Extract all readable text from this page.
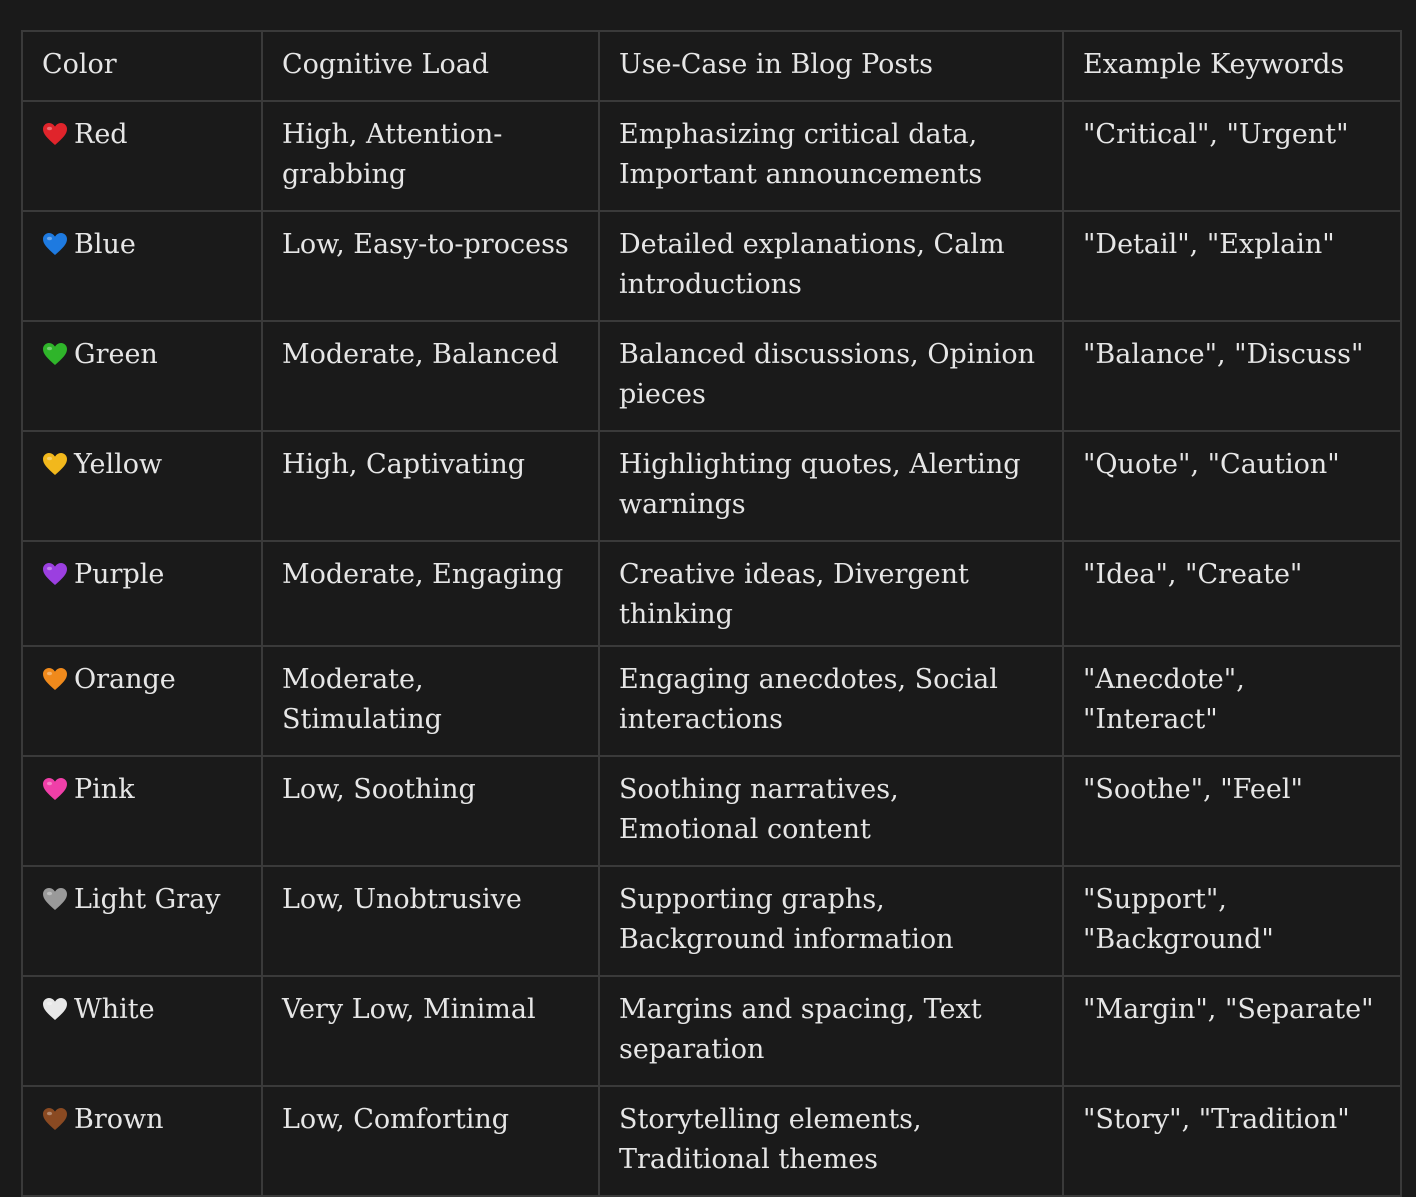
Color	Cognitive Load	Use-Case in Blog Posts	Example Keywords

Red	High, Attention-grabbing	Emphasizing critical data, Important announcements	"Critical", "Urgent"

Blue	Low, Easy-to-process	Detailed explanations, Calm introductions	"Detail", "Explain"

Green	Moderate, Balanced	Balanced discussions, Opinion pieces	"Balance", "Discuss"

Yellow	High, Captivating	Highlighting quotes, Alerting warnings	"Quote", "Caution"

Purple	Moderate, Engaging	Creative ideas, Divergent thinking	"Idea", "Create"

Orange	Moderate, Stimulating	Engaging anecdotes, Social interactions	"Anecdote", "Interact"

Pink	Low, Soothing	Soothing narratives, Emotional content	"Soothe", "Feel"

Light Gray	Low, Unobtrusive	Supporting graphs, Background information	"Support", "Background"

White	Very Low, Minimal	Margins and spacing, Text separation	"Margin", "Separate"

Brown	Low, Comforting	Storytelling elements, Traditional themes	"Story", "Tradition"
